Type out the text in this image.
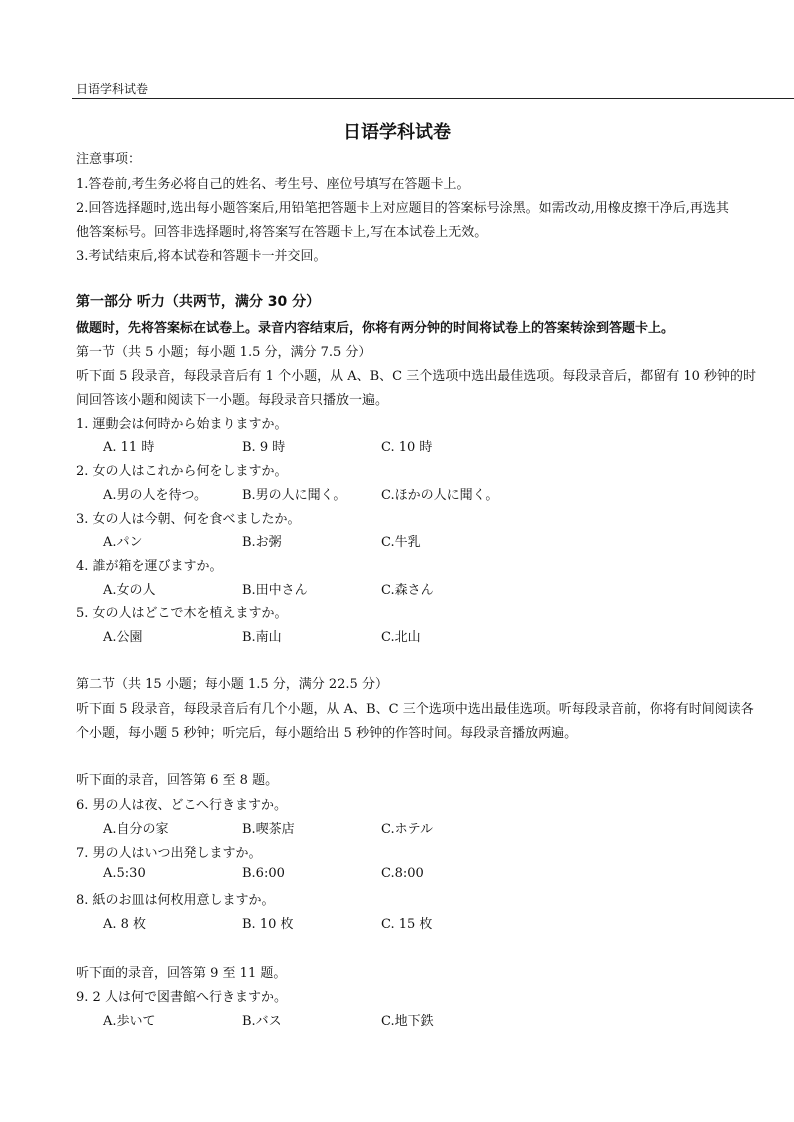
日语学科试卷
日语学科试卷
注意事项：
1.答卷前,考生务必将自己的姓名、考生号、座位号填写在答题卡上。
2.回答选择题时,选出每小题答案后,用铅笔把答题卡上对应题目的答案标号涂黑。如需改动,用橡皮擦干净后,再选其
他答案标号。回答非选择题时,将答案写在答题卡上,写在本试卷上无效。
3.考试结束后,将本试卷和答题卡一并交回。
第一部分 听力（共两节，满分 30 分）
做题时，先将答案标在试卷上。录音内容结束后，你将有两分钟的时间将试卷上的答案转涂到答题卡上。
第一节（共 5 小题；每小题 1.5 分，满分 7.5 分）
听下面 5 段录音，每段录音后有 1 个小题，从 A、B、C 三个选项中选出最佳选项。每段录音后，都留有 10 秒钟的时
间回答该小题和阅读下一小题。每段录音只播放一遍。
1. 運動会は何時から始まりますか。
A. 11 時	B. 9 時	C. 10 時
2. 女の人はこれから何をしますか。
A.男の人を待つ。	B.男の人に聞く。	C.ほかの人に聞く。
3. 女の人は今朝、何を食べましたか。
A.パン	B.お粥	C.牛乳
4. 誰が箱を運びますか。
A.女の人	B.田中さん	C.森さん
5. 女の人はどこで木を植えますか。
A.公園	B.南山	C.北山
第二节（共 15 小题；每小题 1.5 分，满分 22.5 分）
听下面 5 段录音，每段录音后有几个小题，从 A、B、C 三个选项中选出最佳选项。听每段录音前，你将有时间阅读各
个小题，每小题 5 秒钟；听完后，每小题给出 5 秒钟的作答时间。每段录音播放两遍。
听下面的录音，回答第 6 至 8 题。
6. 男の人は夜、どこへ行きますか。
A.自分の家	B.喫茶店	C.ホテル
7. 男の人はいつ出発しますか。
A.5:30	B.6:00	C.8:00
8. 紙のお皿は何枚用意しますか。
A. 8 枚	B. 10 枚	C. 15 枚
听下面的录音，回答第 9 至 11 题。
9. 2 人は何で図書館へ行きますか。
A.歩いて	B.バス	C.地下鉄
